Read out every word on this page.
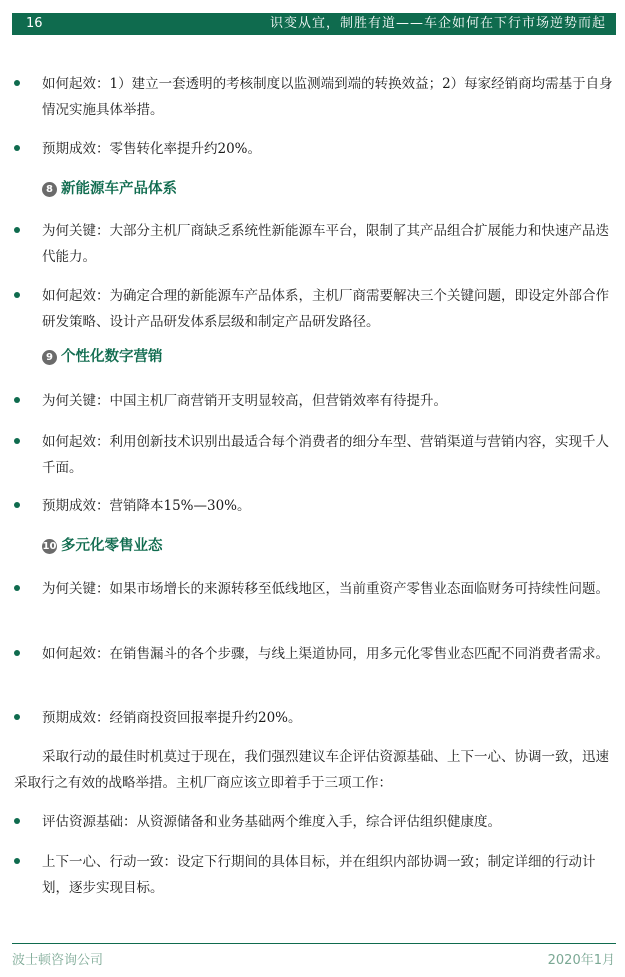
16	识变从宜，制胜有道——车企如何在下行市场逆势而起
如何起效：1）建立一套透明的考核制度以监测端到端的转换效益；2）每家经销商均需基于自身情况实施具体举措。
预期成效：零售转化率提升约20%。
8 新能源车产品体系
为何关键：大部分主机厂商缺乏系统性新能源车平台，限制了其产品组合扩展能力和快速产品迭代能力。
如何起效：为确定合理的新能源车产品体系，主机厂商需要解决三个关键问题，即设定外部合作研发策略、设计产品研发体系层级和制定产品研发路径。
9 个性化数字营销
为何关键：中国主机厂商营销开支明显较高，但营销效率有待提升。
如何起效：利用创新技术识别出最适合每个消费者的细分车型、营销渠道与营销内容，实现千人千面。
预期成效：营销降本15%—30%。
10 多元化零售业态
为何关键：如果市场增长的来源转移至低线地区，当前重资产零售业态面临财务可持续性问题。
如何起效：在销售漏斗的各个步骤，与线上渠道协同，用多元化零售业态匹配不同消费者需求。
预期成效：经销商投资回报率提升约20%。
采取行动的最佳时机莫过于现在，我们强烈建议车企评估资源基础、上下一心、协调一致，迅速采取行之有效的战略举措。主机厂商应该立即着手于三项工作：
评估资源基础：从资源储备和业务基础两个维度入手，综合评估组织健康度。
上下一心、行动一致：设定下行期间的具体目标，并在组织内部协调一致；制定详细的行动计划，逐步实现目标。
波士顿咨询公司	2020年1月
